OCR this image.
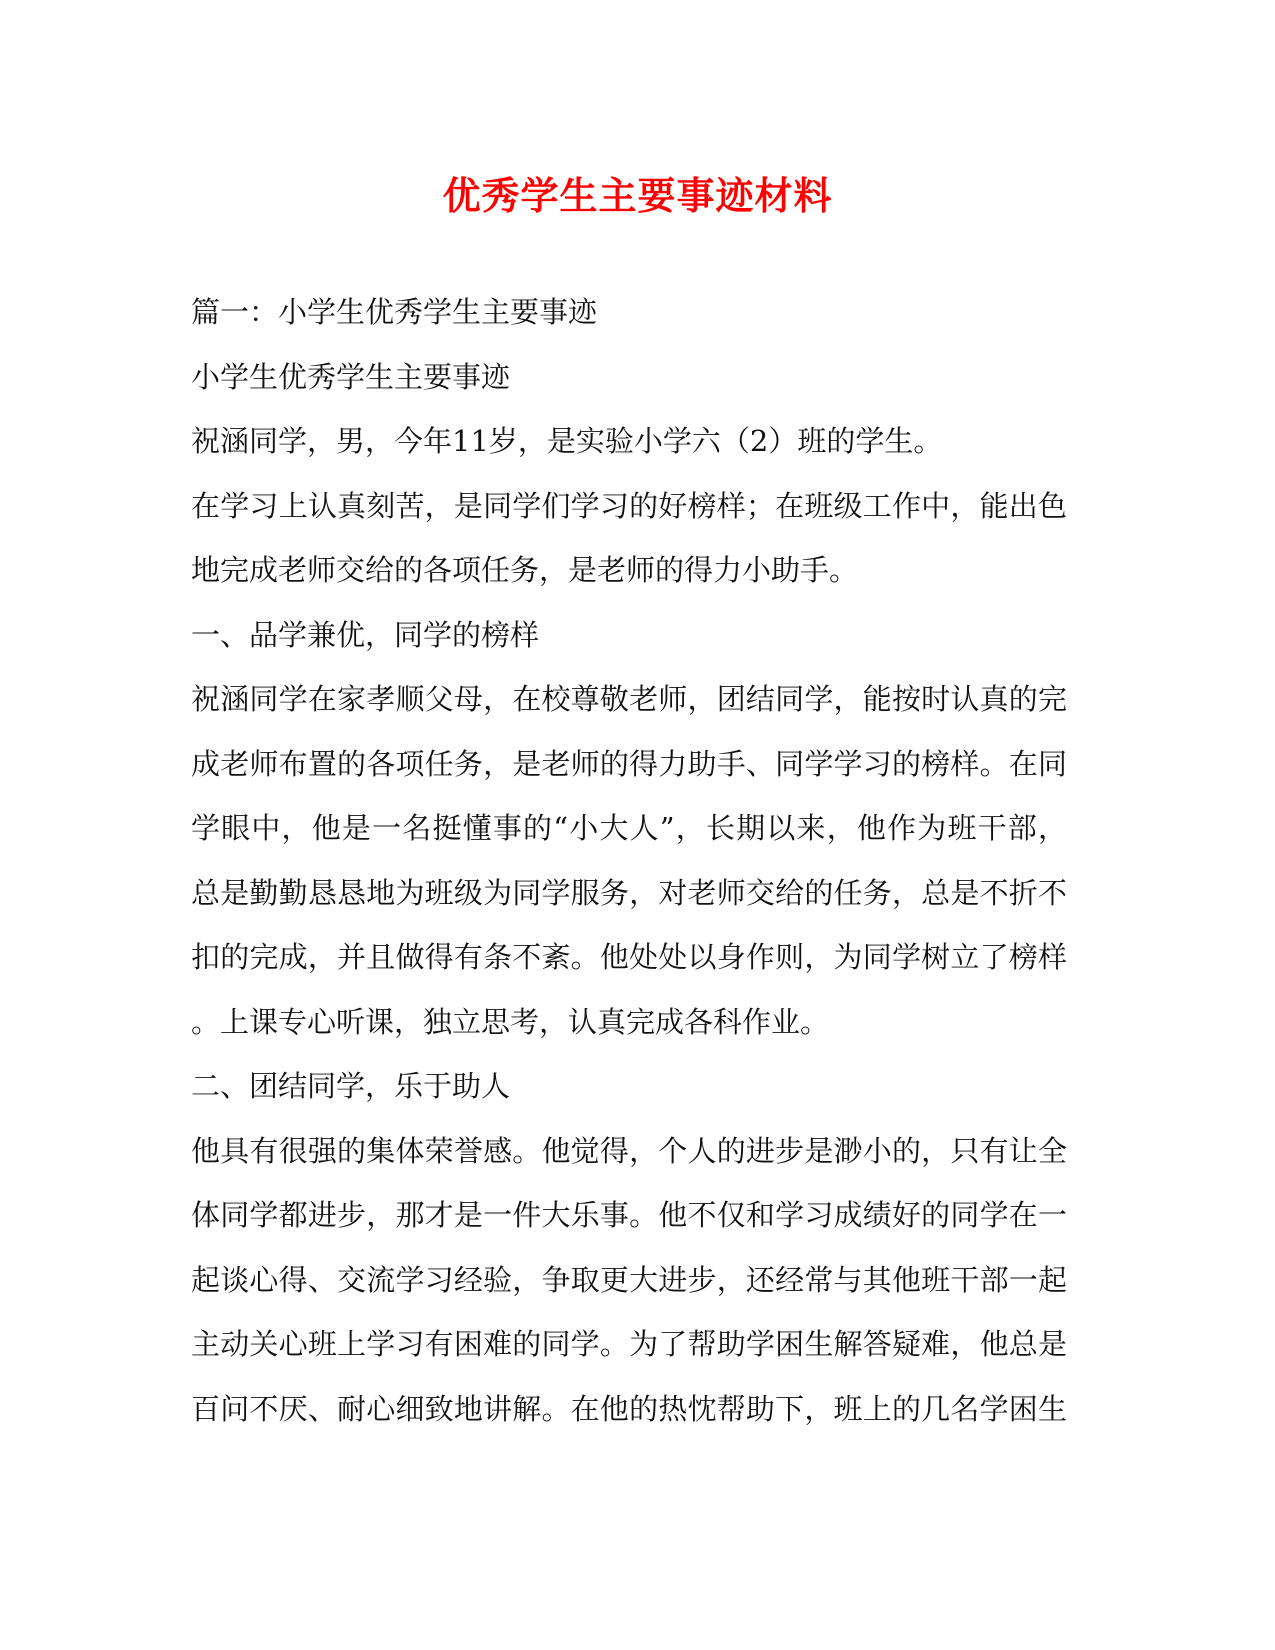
优秀学生主要事迹材料
篇一：小学生优秀学生主要事迹
小学生优秀学生主要事迹
祝涵同学，男，今年11岁，是实验小学六（2）班的学生。
在学习上认真刻苦，是同学们学习的好榜样；在班级工作中，能出色
地完成老师交给的各项任务，是老师的得力小助手。
一、品学兼优，同学的榜样
祝涵同学在家孝顺父母，在校尊敬老师，团结同学，能按时认真的完
成老师布置的各项任务，是老师的得力助手、同学学习的榜样。在同
学眼中，他是一名挺懂事的“小大人”，长期以来，他作为班干部，
总是勤勤恳恳地为班级为同学服务，对老师交给的任务，总是不折不
扣的完成，并且做得有条不紊。他处处以身作则，为同学树立了榜样
。上课专心听课，独立思考，认真完成各科作业。
二、团结同学，乐于助人
他具有很强的集体荣誉感。他觉得，个人的进步是渺小的，只有让全
体同学都进步，那才是一件大乐事。他不仅和学习成绩好的同学在一
起谈心得、交流学习经验，争取更大进步，还经常与其他班干部一起
主动关心班上学习有困难的同学。为了帮助学困生解答疑难，他总是
百问不厌、耐心细致地讲解。在他的热忱帮助下，班上的几名学困生
